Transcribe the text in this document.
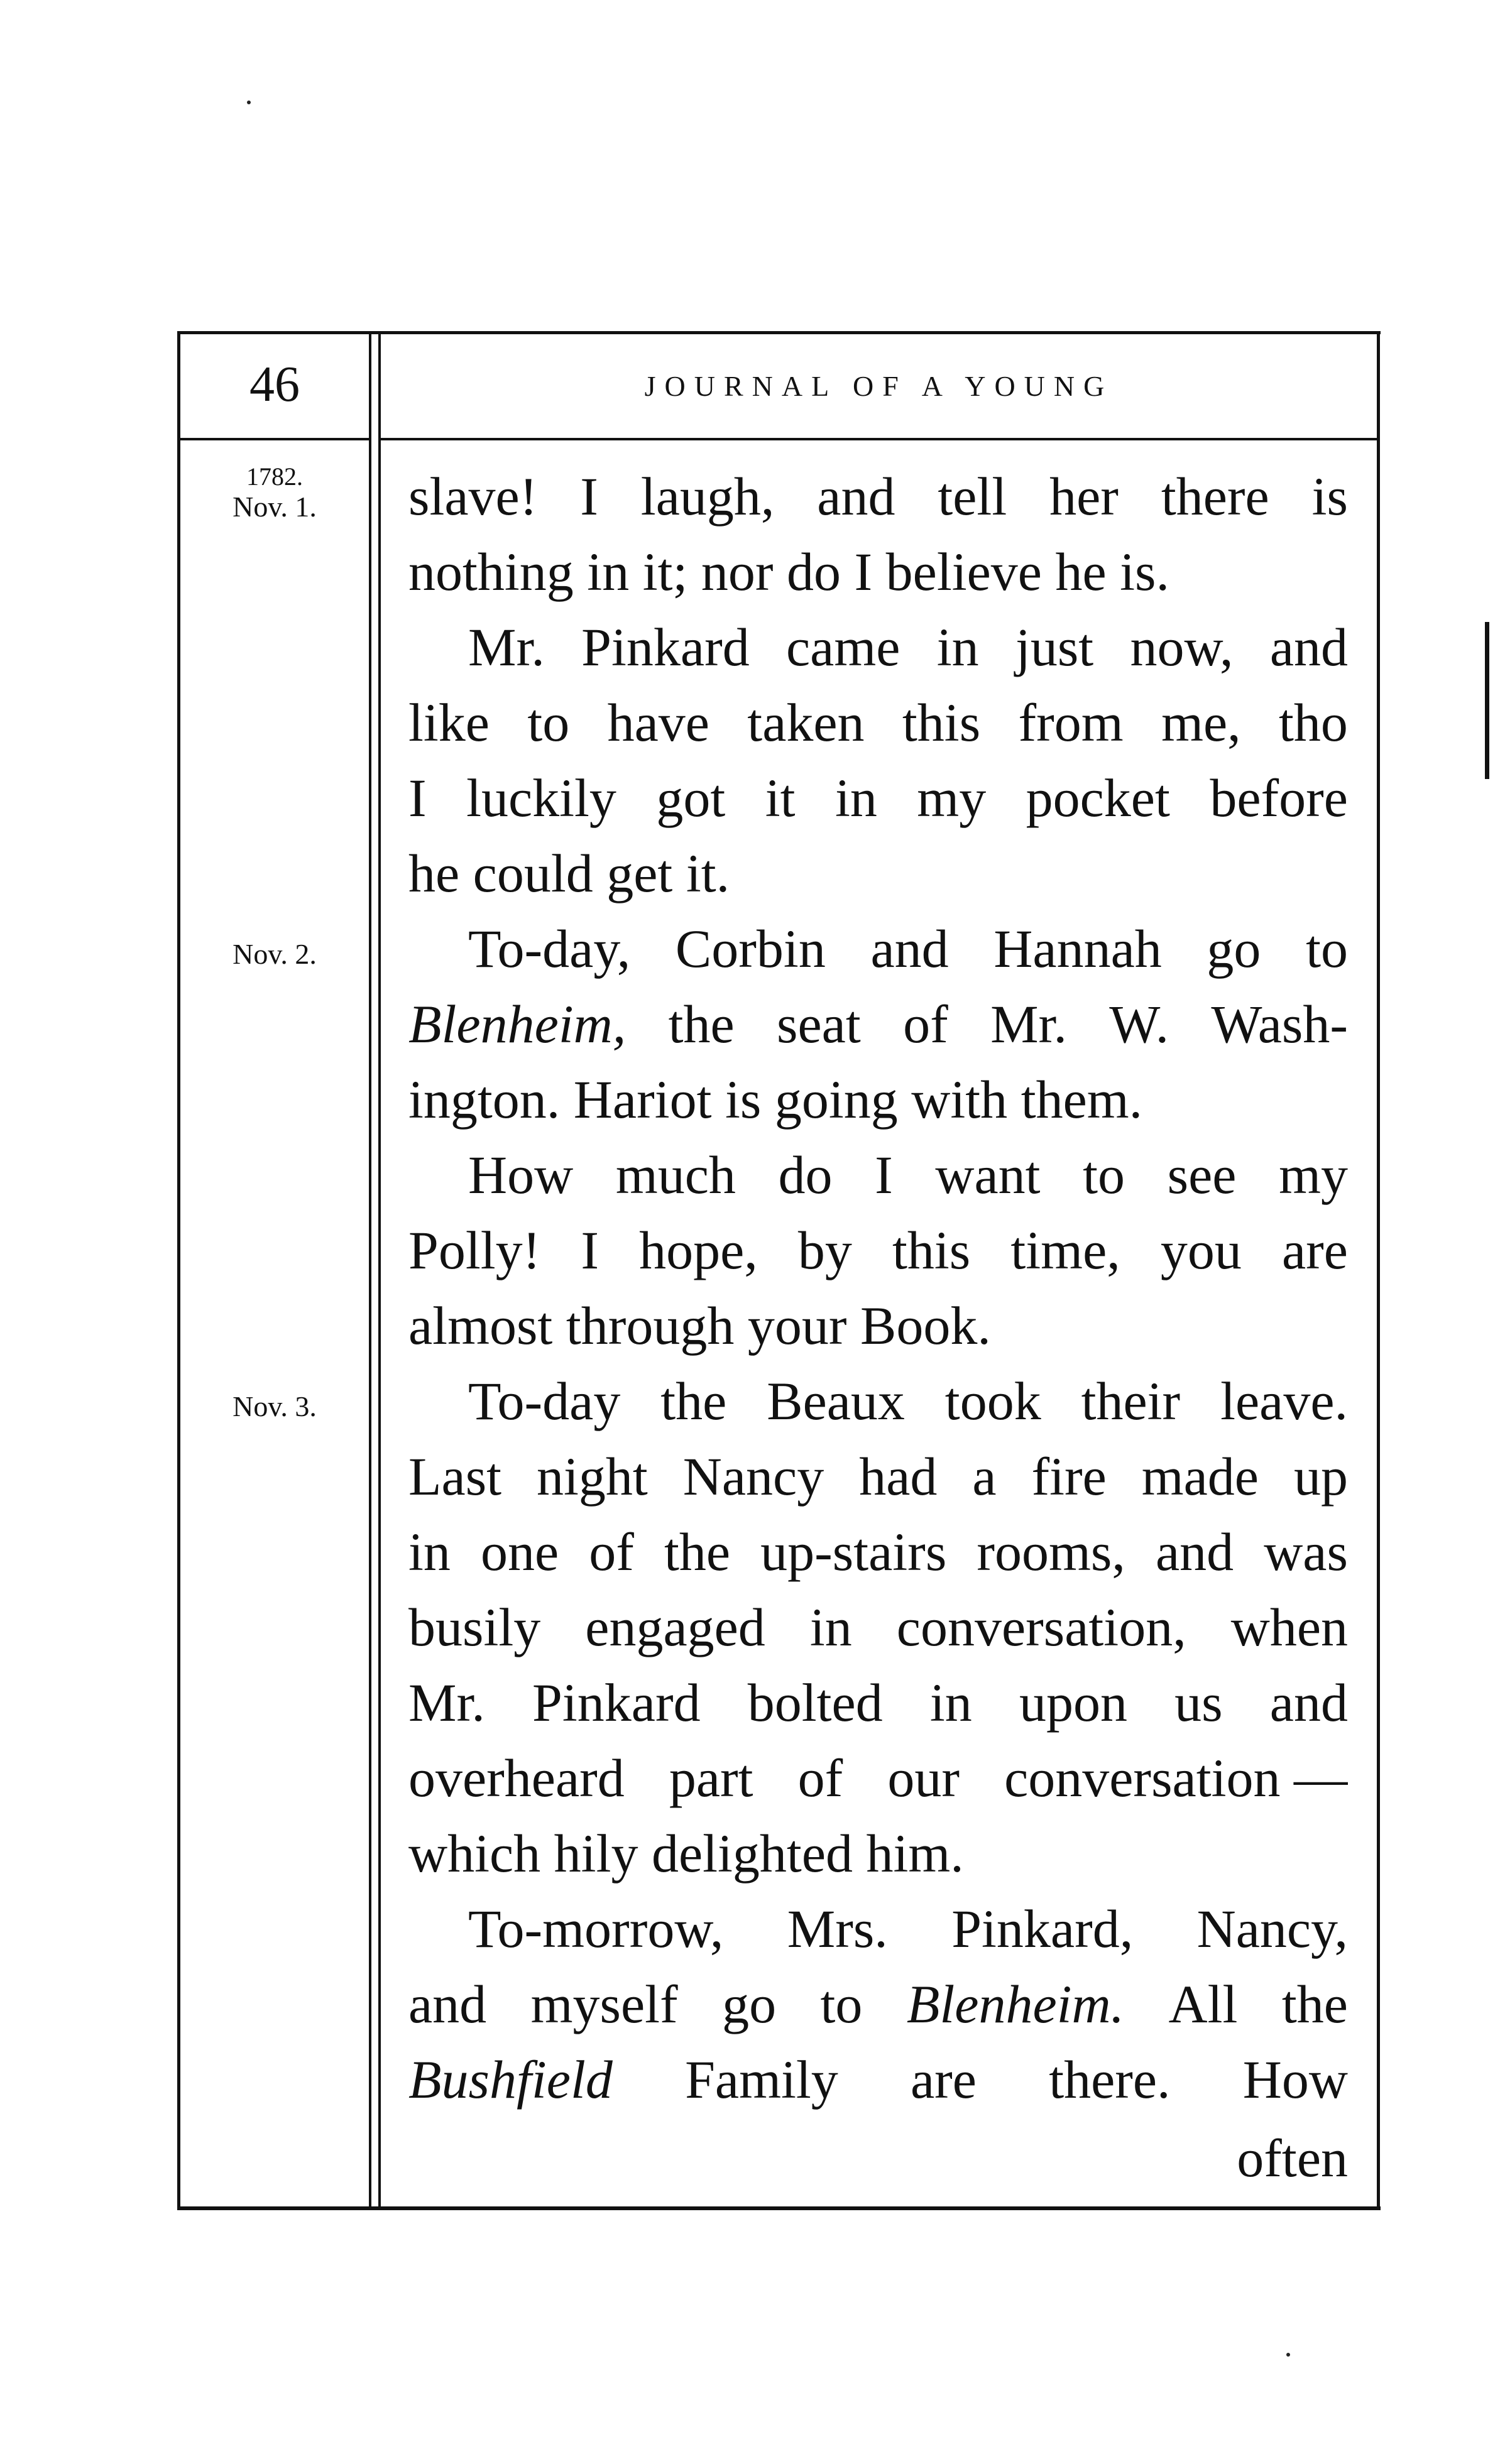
46	JOURNAL OF A YOUNG
1782.
Nov. 1.
Nov. 2.
Nov. 3.
slave! I laugh, and tell her there is
nothing
in
it;
nor
do
I
believe
he
is.
Mr. Pinkard came in just now, and
like to have taken this from me, tho
I luckily got it in my pocket before
he
could
get
it.
To-day, Corbin and Hannah go to
Blenheim, the seat of Mr. W. Wash-
ington.
Hariot
is
going
with
them.
How much do I want to see my
Polly! I hope, by this time, you are
almost
through
your
Book.
To-day the Beaux took their leave.
Last night Nancy had a fire made up
in one of the up-stairs rooms, and was
busily engaged in conversation, when
Mr. Pinkard bolted in upon us and
overheard part of our conversation —
which
hily
delighted
him.
To-morrow, Mrs. Pinkard, Nancy,
and myself go to Blenheim. All the
Bushfield Family are there. How
often
